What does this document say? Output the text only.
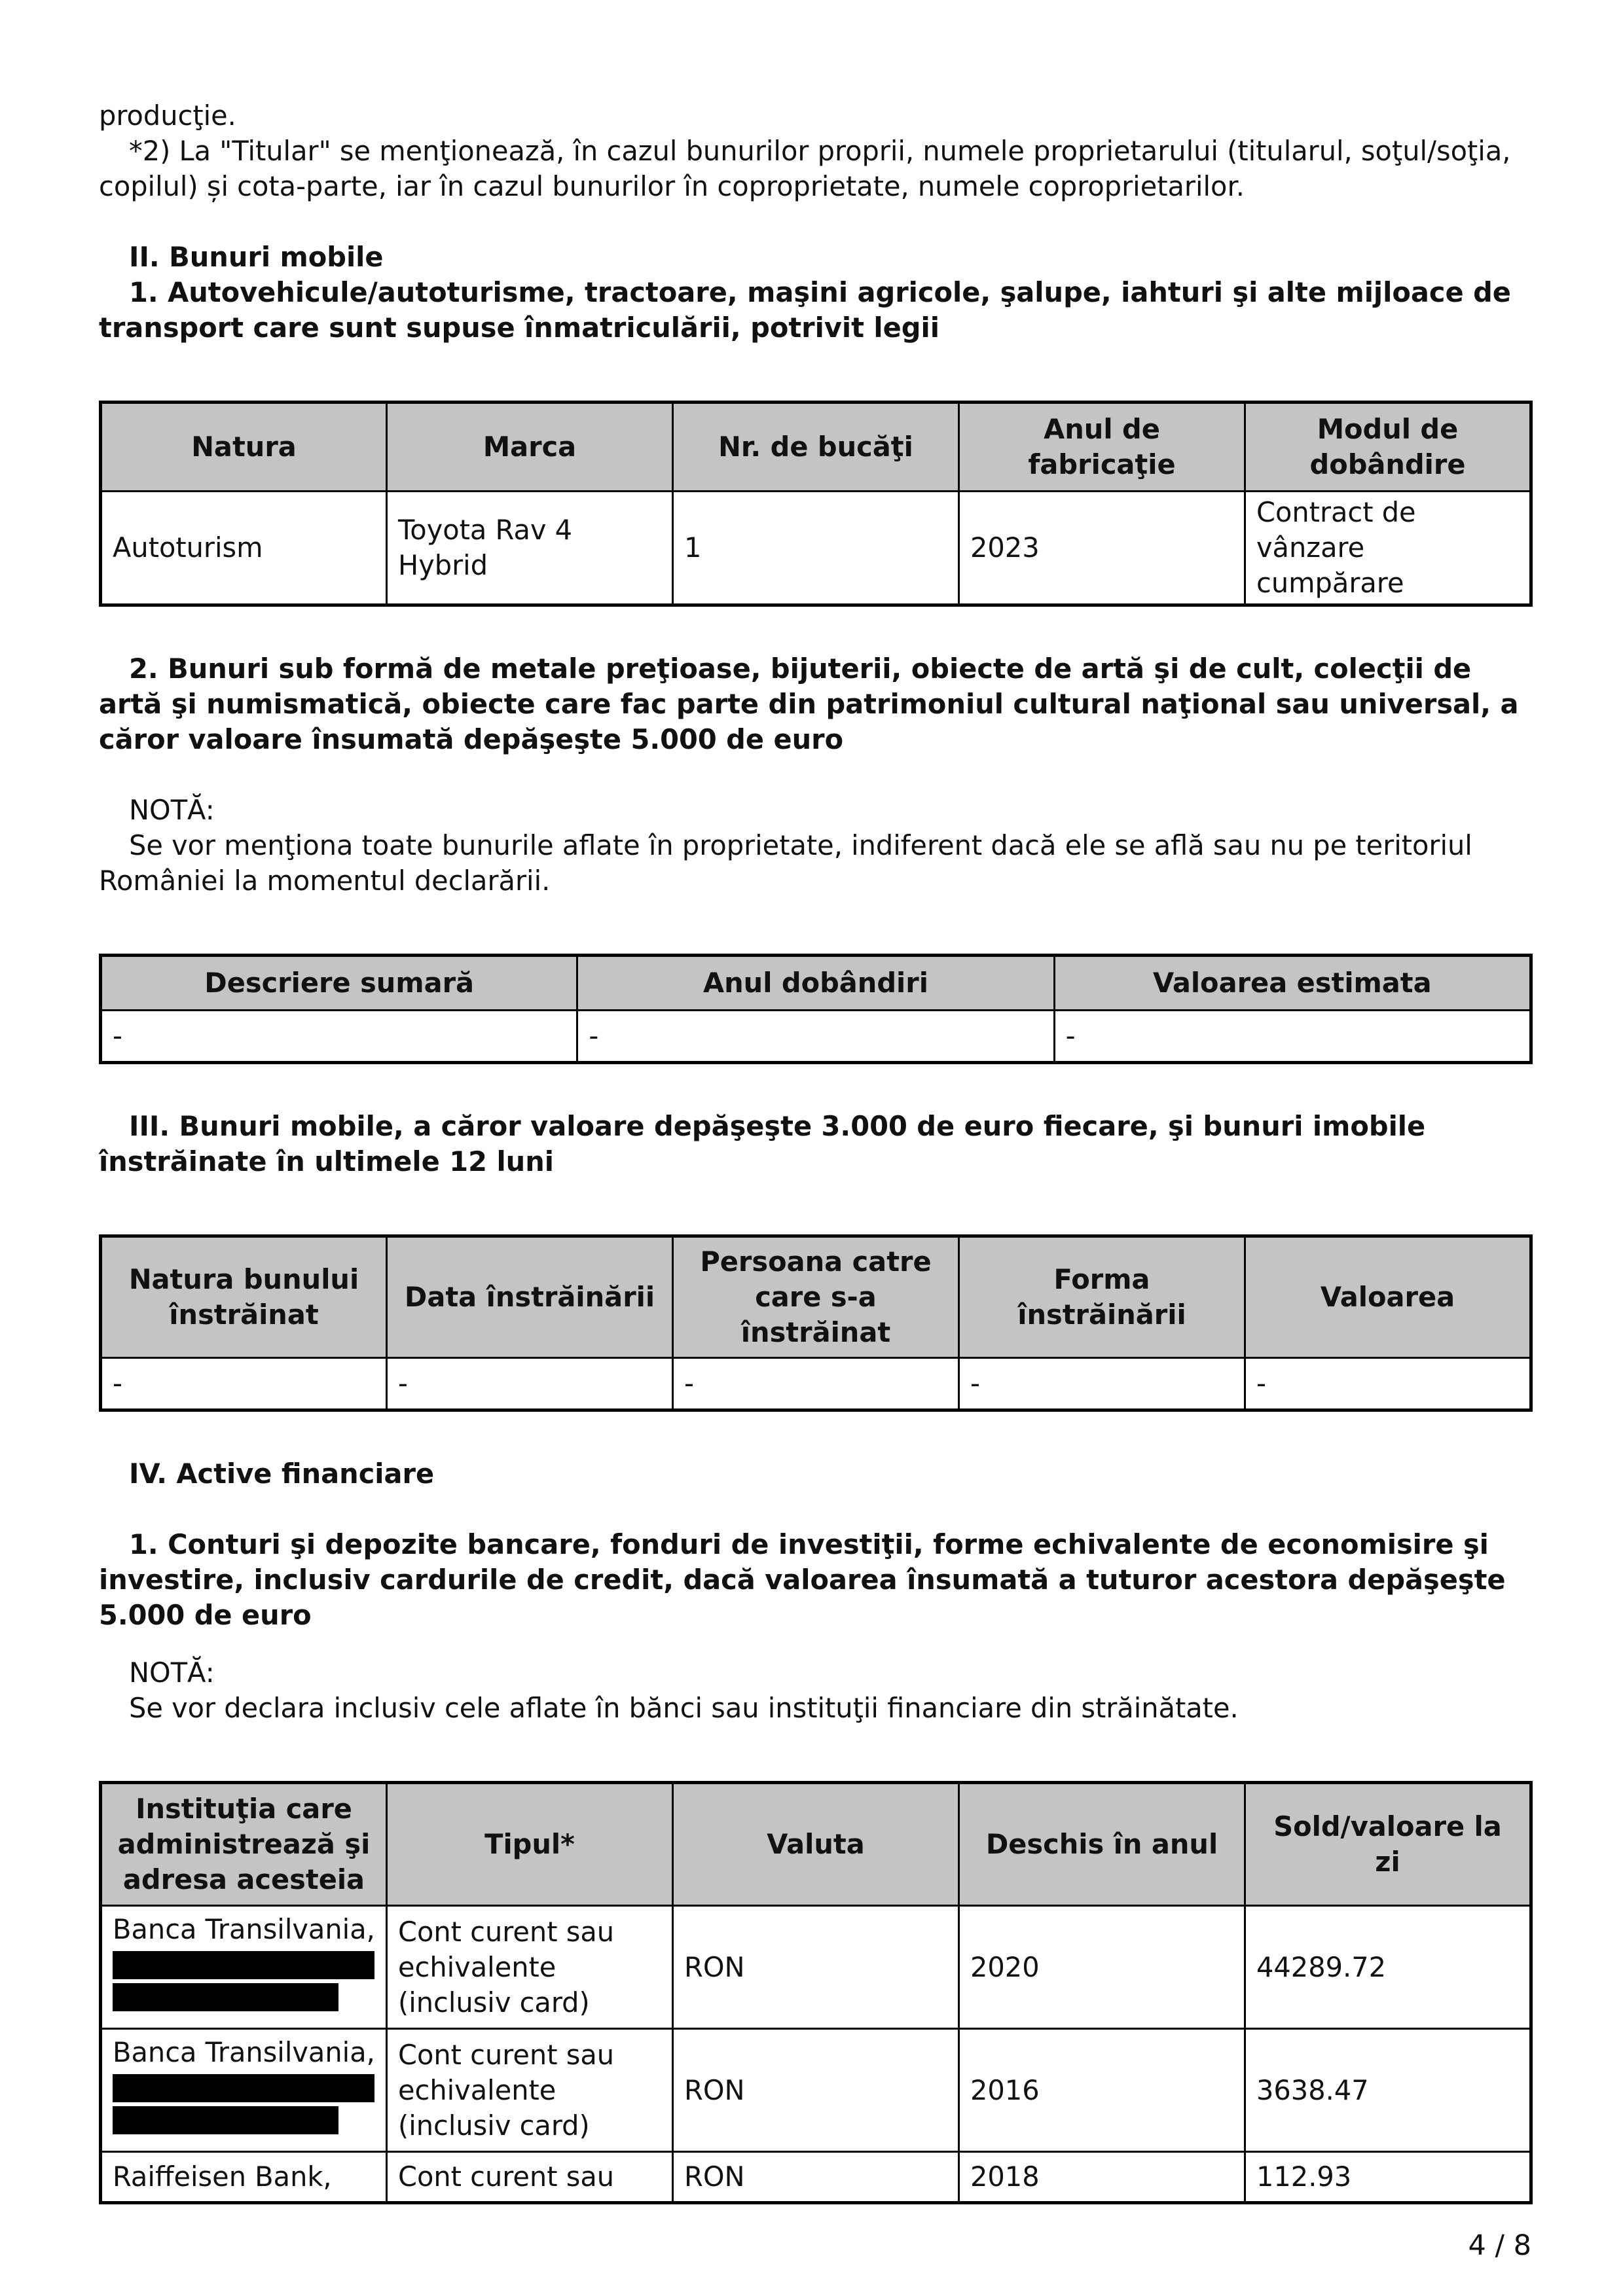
producţie.

*2) La "Titular" se menţionează, în cazul bunurilor proprii, numele proprietarului (titularul, soţul/soţia, copilul) și cota-parte, iar în cazul bunurilor în coproprietate, numele coproprietarilor.

II. Bunuri mobile

1. Autovehicule/autoturisme, tractoare, maşini agricole, şalupe, iahturi şi alte mijloace de transport care sunt supuse înmatriculării, potrivit legii

Natura	Marca	Nr. de bucăţi	Anul de fabricaţie	Modul de dobândire
Autoturism	Toyota Rav 4 Hybrid	1	2023	Contract de vânzare cumpărare

2. Bunuri sub formă de metale preţioase, bijuterii, obiecte de artă şi de cult, colecţii de artă şi numismatică, obiecte care fac parte din patrimoniul cultural naţional sau universal, a căror valoare însumată depăşeşte 5.000 de euro

NOTĂ:

Se vor menţiona toate bunurile aflate în proprietate, indiferent dacă ele se află sau nu pe teritoriul României la momentul declarării.

Descriere sumară	Anul dobândiri	Valoarea estimata
-	-	-

III. Bunuri mobile, a căror valoare depăşeşte 3.000 de euro fiecare, şi bunuri imobile înstrăinate în ultimele 12 luni

Natura bunului înstrăinat	Data înstrăinării	Persoana catre care s-a înstrăinat	Forma înstrăinării	Valoarea
-	-	-	-	-

IV. Active financiare

1. Conturi şi depozite bancare, fonduri de investiţii, forme echivalente de economisire şi investire, inclusiv cardurile de credit, dacă valoarea însumată a tuturor acestora depăşeşte 5.000 de euro

NOTĂ:

Se vor declara inclusiv cele aflate în bănci sau instituţii financiare din străinătate.

Instituţia care administrează şi adresa acesteia	Tipul*	Valuta	Deschis în anul	Sold/valoare la zi
Banca Transilvania,	Cont curent sau echivalente (inclusiv card)	RON	2020	44289.72
Banca Transilvania,	Cont curent sau echivalente (inclusiv card)	RON	2016	3638.47
Raiffeisen Bank,	Cont curent sau	RON	2018	112.93
4 / 8
